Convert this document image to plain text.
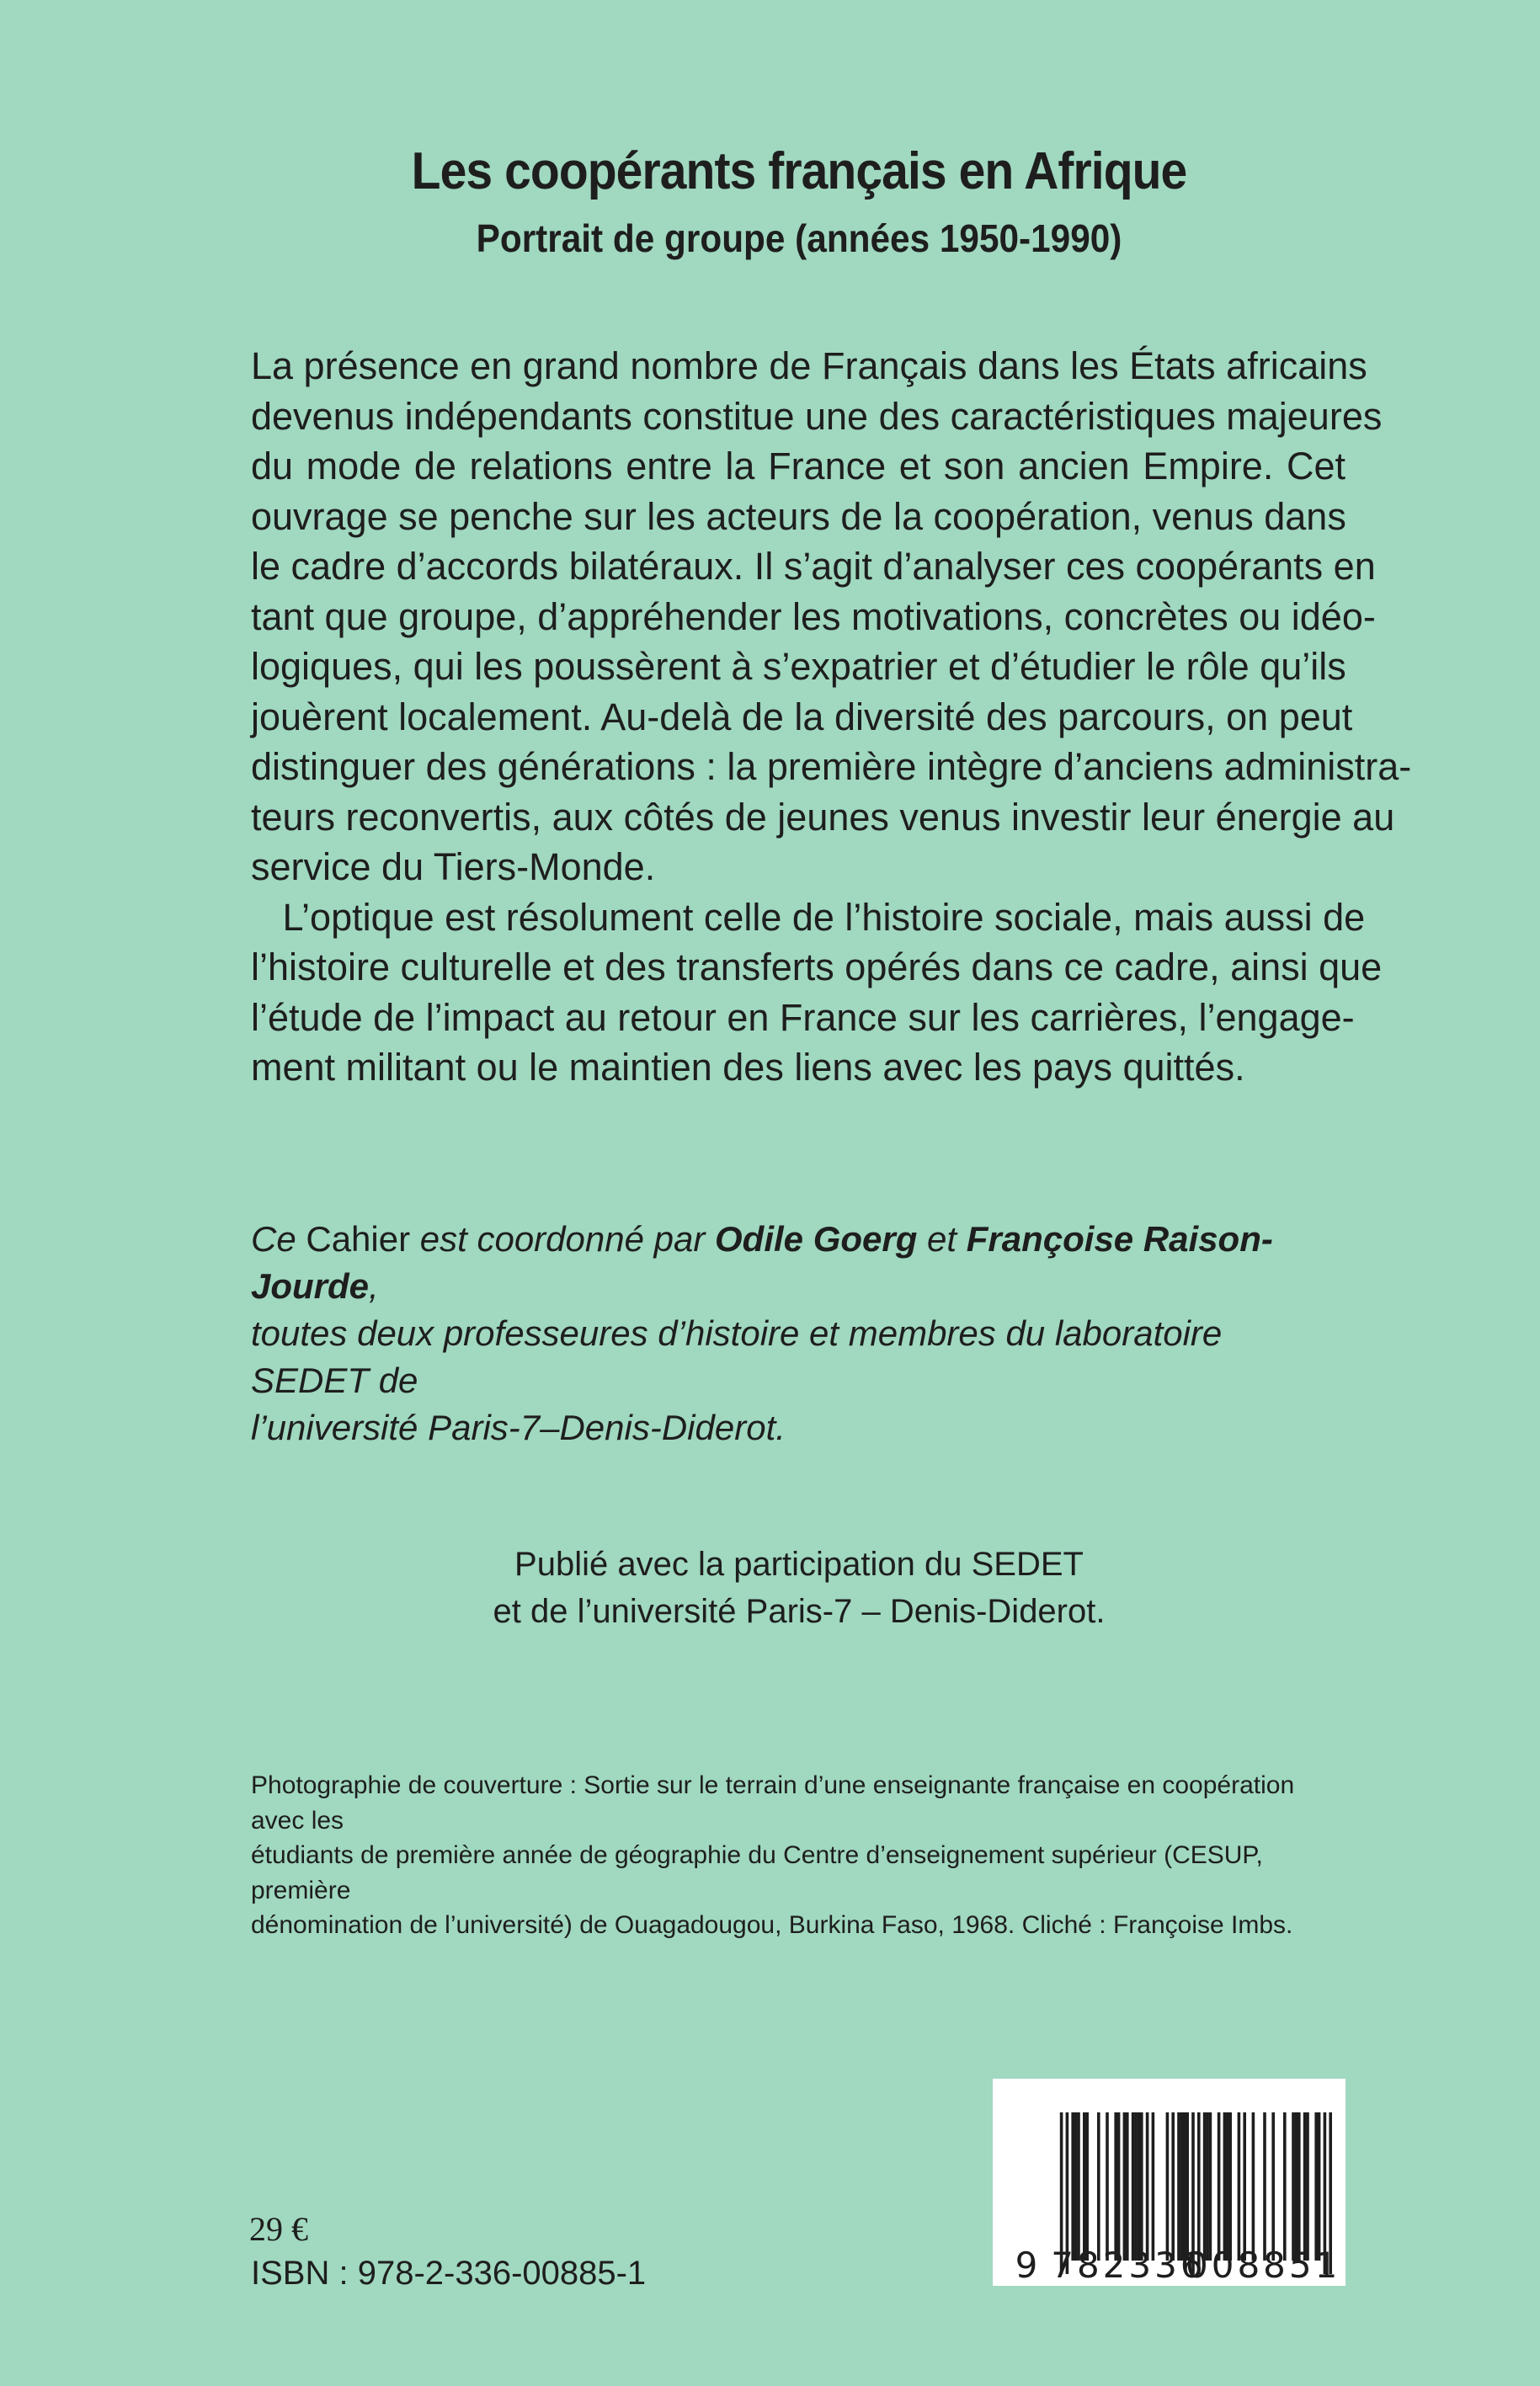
Les coopérants français en Afrique
Portrait de groupe (années 1950-1990)
La présence en grand nombre de Français dans les États africains
devenus indépendants constitue une des caractéristiques majeures
du mode de relations entre la France et son ancien Empire. Cet
ouvrage se penche sur les acteurs de la coopération, venus dans
le cadre d’accords bilatéraux. Il s’agit d’analyser ces coopérants en
tant que groupe, d’appréhender les motivations, concrètes ou idéo-
logiques, qui les poussèrent à s’expatrier et d’étudier le rôle qu’ils
jouèrent localement. Au-delà de la diversité des parcours, on peut
distinguer des générations : la première intègre d’anciens administra-
teurs reconvertis, aux côtés de jeunes venus investir leur énergie au
service du Tiers-Monde.
L’optique est résolument celle de l’histoire sociale, mais aussi de
l’histoire culturelle et des transferts opérés dans ce cadre, ainsi que
l’étude de l’impact au retour en France sur les carrières, l’engage-
ment militant ou le maintien des liens avec les pays quittés.
Ce Cahier est coordonné par Odile Goerg et Françoise Raison-Jourde,
toutes deux professeures d’histoire et membres du laboratoire SEDET de
l’université Paris-7–Denis-Diderot.
Publié avec la participation du SEDET
et de l’université Paris-7 – Denis-Diderot.
Photographie de couverture : Sortie sur le terrain d’une enseignante française en coopération avec les
étudiants de première année de géographie du Centre d’enseignement supérieur (CESUP, première
dénomination de l’université) de Ouagadougou, Burkina Faso, 1968. Cliché : Françoise Imbs.
29 €
ISBN : 978-2-336-00885-1	9 782336
008851
